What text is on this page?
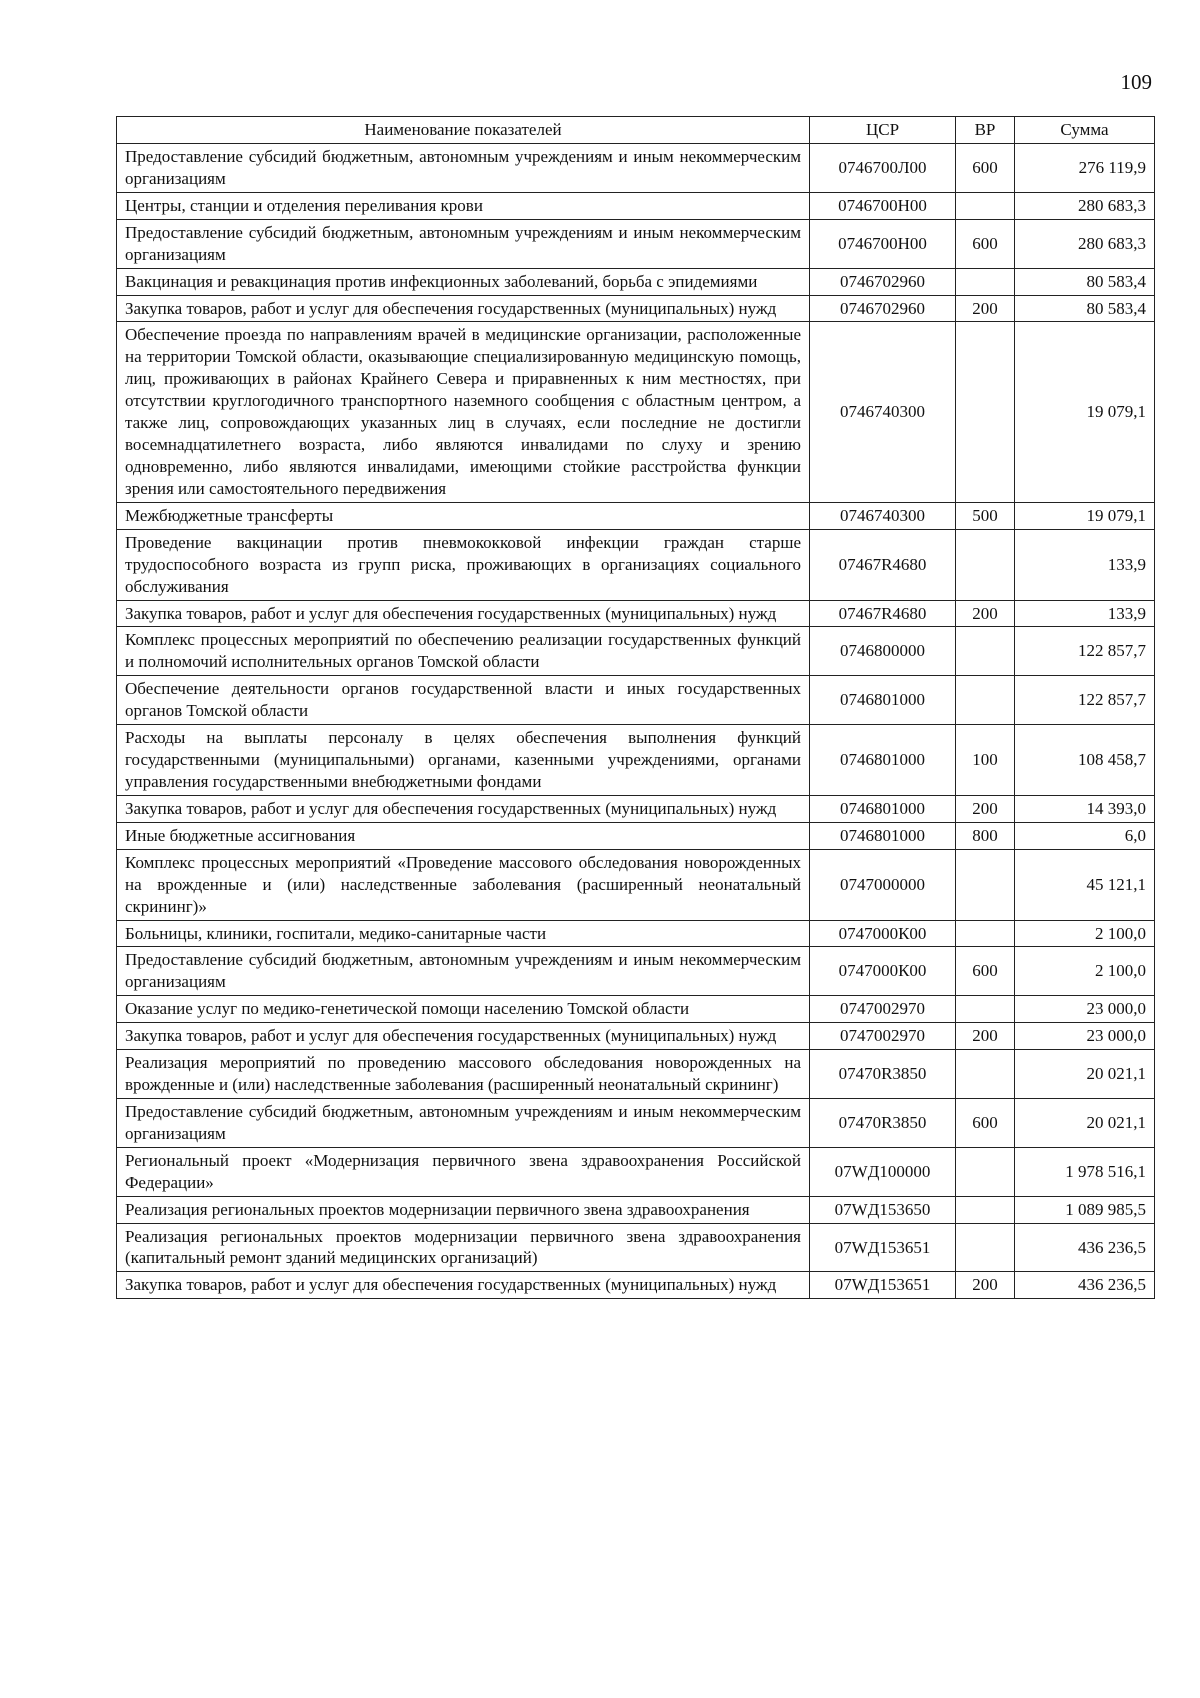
109
Наименование показателей	ЦСР	ВР	Сумма
Предоставление субсидий бюджетным, автономным учреждениям и иным некоммерческим организациям	0746700Л00	600	276 119,9
Центры, станции и отделения переливания крови	0746700Н00		280 683,3
Предоставление субсидий бюджетным, автономным учреждениям и иным некоммерческим организациям	0746700Н00	600	280 683,3
Вакцинация и ревакцинация против инфекционных заболеваний, борьба с эпидемиями	0746702960		80 583,4
Закупка товаров, работ и услуг для обеспечения государственных (муниципальных) нужд	0746702960	200	80 583,4
Обеспечение проезда по направлениям врачей в медицинские организации, расположенные на территории Томской области, оказывающие специализированную медицинскую помощь, лиц, проживающих в районах Крайнего Севера и приравненных к ним местностях, при отсутствии круглогодичного транспортного наземного сообщения с областным центром, а также лиц, сопровождающих указанных лиц в случаях, если последние не достигли восемнадцатилетнего возраста, либо являются инвалидами по слуху и зрению одновременно, либо являются инвалидами, имеющими стойкие расстройства функции зрения или самостоятельного передвижения	0746740300		19 079,1
Межбюджетные трансферты	0746740300	500	19 079,1
Проведение вакцинации против пневмококковой инфекции граждан старше трудоспособного возраста из групп риска, проживающих в организациях социального обслуживания	07467R4680		133,9
Закупка товаров, работ и услуг для обеспечения государственных (муниципальных) нужд	07467R4680	200	133,9
Комплекс процессных мероприятий по обеспечению реализации государственных функций и полномочий исполнительных органов Томской области	0746800000		122 857,7
Обеспечение деятельности органов государственной власти и иных государственных органов Томской области	0746801000		122 857,7
Расходы на выплаты персоналу в целях обеспечения выполнения функций государственными (муниципальными) органами, казенными учреждениями, органами управления государственными внебюджетными фондами	0746801000	100	108 458,7
Закупка товаров, работ и услуг для обеспечения государственных (муниципальных) нужд	0746801000	200	14 393,0
Иные бюджетные ассигнования	0746801000	800	6,0
Комплекс процессных мероприятий «Проведение массового обследования новорожденных на врожденные и (или) наследственные заболевания (расширенный неонатальный скрининг)»	0747000000		45 121,1
Больницы, клиники, госпитали, медико-санитарные части	0747000К00		2 100,0
Предоставление субсидий бюджетным, автономным учреждениям и иным некоммерческим организациям	0747000К00	600	2 100,0
Оказание услуг по медико-генетической помощи населению Томской области	0747002970		23 000,0
Закупка товаров, работ и услуг для обеспечения государственных (муниципальных) нужд	0747002970	200	23 000,0
Реализация мероприятий по проведению массового обследования новорожденных на врожденные и (или) наследственные заболевания (расширенный неонатальный скрининг)	07470R3850		20 021,1
Предоставление субсидий бюджетным, автономным учреждениям и иным некоммерческим организациям	07470R3850	600	20 021,1
Региональный проект «Модернизация первичного звена здравоохранения Российской Федерации»	07WД100000		1 978 516,1
Реализация региональных проектов модернизации первичного звена здравоохранения	07WД153650		1 089 985,5
Реализация региональных проектов модернизации первичного звена здравоохранения (капитальный ремонт зданий медицинских организаций)	07WД153651		436 236,5
Закупка товаров, работ и услуг для обеспечения государственных (муниципальных) нужд	07WД153651	200	436 236,5
